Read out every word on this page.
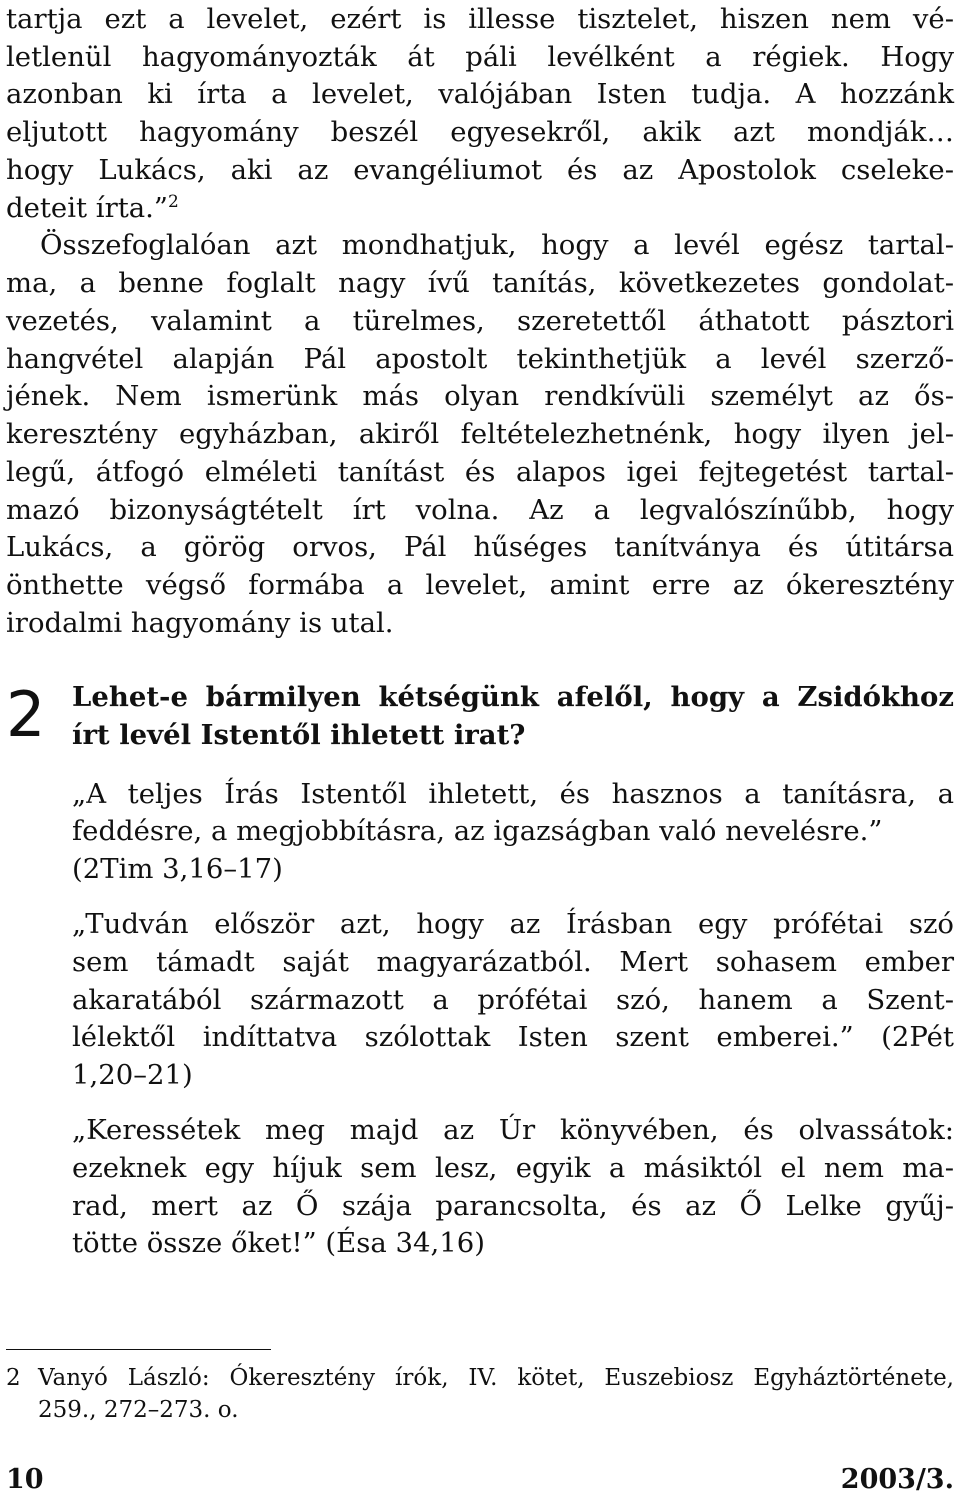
tartja ezt a levelet, ezért is illesse tisztelet, hiszen nem vé-
letlenül hagyományozták át páli levélként a régiek. Hogy
azonban ki írta a levelet, valójában Isten tudja. A hozzánk
eljutott hagyomány beszél egyesekről, akik azt mondják…
hogy Lukács, aki az evangéliumot és az Apostolok cseleke-
deteit írta.”$^2$
Összefoglalóan azt mondhatjuk, hogy a levél egész tartal-
ma, a benne foglalt nagy ívű tanítás, következetes gondolat-
vezetés, valamint a türelmes, szeretettől áthatott pásztori
hangvétel alapján Pál apostolt tekinthetjük a levél szerző-
jének. Nem ismerünk más olyan rendkívüli személyt az ős-
keresztény egyházban, akiről feltételezhetnénk, hogy ilyen jel-
legű, átfogó elméleti tanítást és alapos igei fejtegetést tartal-
mazó bizonyságtételt írt volna. Az a legvalószínűbb, hogy
Lukács, a görög orvos, Pál hűséges tanítványa és útitársa
önthette végső formába a levelet, amint erre az ókeresztény
irodalmi hagyomány is utal.
2 Lehet-e bármilyen kétségünk afelől, hogy a Zsidókhoz
írt levél Istentől ihletett irat?
„A teljes Írás Istentől ihletett, és hasznos a tanításra, a
feddésre, a megjobbításra, az igazságban való nevelésre.”
(2Tim 3,16–17)
„Tudván először azt, hogy az Írásban egy prófétai szó
sem támadt saját magyarázatból. Mert sohasem ember
akaratából származott a prófétai szó, hanem a Szent-
lélektől indíttatva szólottak Isten szent emberei.” (2Pét
1,20–21)
„Keressétek meg majd az Úr könyvében, és olvassátok:
ezeknek egy híjuk sem lesz, egyik a másiktól el nem ma-
rad, mert az Ő szája parancsolta, és az Ő Lelke gyűj-
tötte össze őket!” (Ésa 34,16)
2 Vanyó László: Ókeresztény írók, IV. kötet, Euszebiosz Egyháztörténete,
259., 272–273. o.
10	2003/3.
